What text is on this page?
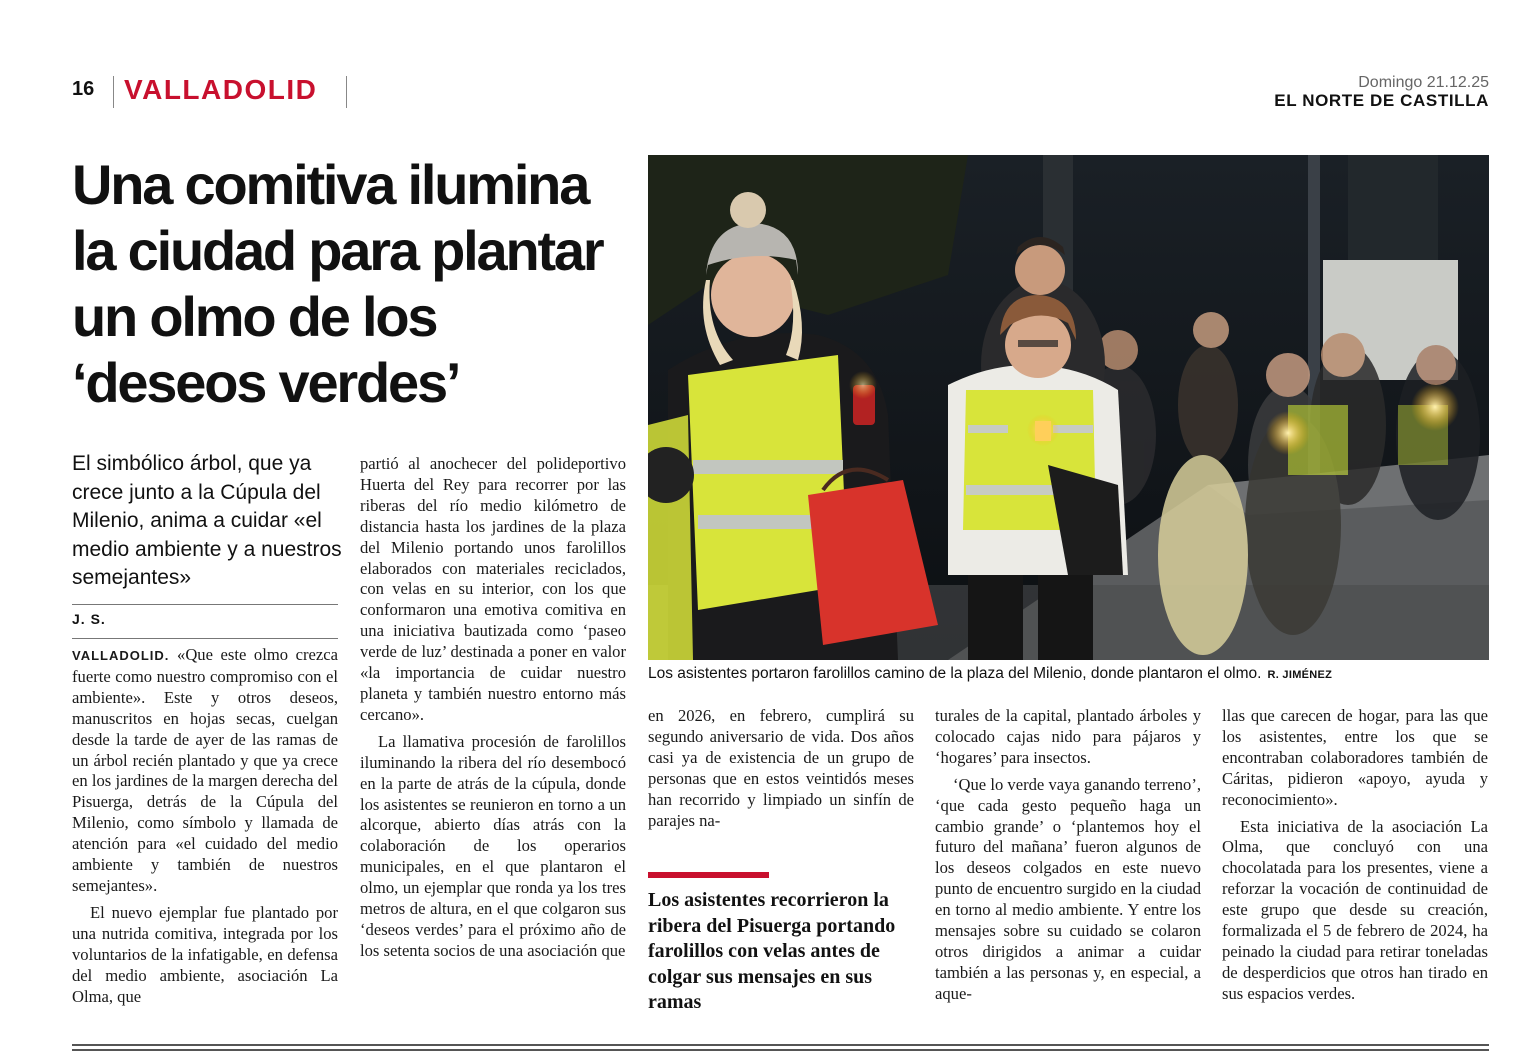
16 VALLADOLID	Domingo 21.12.25
EL NORTE DE CASTILLA
Una comitiva ilumina la ciudad para plantar un olmo de los ‘deseos verdes’
El simbólico árbol, que ya crece junto a la Cúpula del Milenio, anima a cuidar «el medio ambiente y a nuestros semejantes»
J. S.

VALLADOLID. «Que este olmo crezca fuerte como nuestro compromiso con el ambiente». Este y otros deseos, manuscritos en hojas secas, cuelgan desde la tarde de ayer de las ramas de un árbol recién plantado y que ya crece en los jardines de la margen derecha del Pisuerga, detrás de la Cúpula del Milenio, como símbolo y llamada de atención para «el cuidado del medio ambiente y también de nuestros semejantes».

El nuevo ejemplar fue plantado por una nutrida comitiva, integrada por los voluntarios de la infatigable, en defensa del medio ambiente, asociación La Olma, que

partió al anochecer del polideportivo Huerta del Rey para recorrer por las riberas del río medio kilómetro de distancia hasta los jardines de la plaza del Milenio portando unos farolillos elaborados con materiales reciclados, con velas en su interior, con los que conformaron una emotiva comitiva en una iniciativa bautizada como ‘paseo verde de luz’ destinada a poner en valor «la importancia de cuidar nuestro planeta y también nuestro entorno más cercano».

La llamativa procesión de farolillos iluminando la ribera del río desembocó en la parte de atrás de la cúpula, donde los asistentes se reunieron en torno a un alcorque, abierto días atrás con la colaboración de los operarios municipales, en el que plantaron el olmo, un ejemplar que ronda ya los tres metros de altura, en el que colgaron sus ‘deseos verdes’ para el próximo año de los setenta socios de una asociación que

Los asistentes portaron farolillos camino de la plaza del Milenio, donde plantaron el olmo. R. JIMÉNEZ

en 2026, en febrero, cumplirá su segundo aniversario de vida. Dos años casi ya de existencia de un grupo de personas que en estos veintidós meses han recorrido y limpiado un sinfín de parajes na-

Los asistentes recorrieron la ribera del Pisuerga portando farolillos con velas antes de colgar sus mensajes en sus ramas

turales de la capital, plantado árboles y colocado cajas nido para pájaros y ‘hogares’ para insectos.

‘Que lo verde vaya ganando terreno’, ‘que cada gesto pequeño haga un cambio grande’ o ‘plantemos hoy el futuro del mañana’ fueron algunos de los deseos colgados en este nuevo punto de encuentro surgido en la ciudad en torno al medio ambiente. Y entre los mensajes sobre su cuidado se colaron otros dirigidos a animar a cuidar también a las personas y, en especial, a aque-

llas que carecen de hogar, para las que los asistentes, entre los que se encontraban colaboradores también de Cáritas, pidieron «apoyo, ayuda y reconocimiento».

Esta iniciativa de la asociación La Olma, que concluyó con una chocolatada para los presentes, viene a reforzar la vocación de continuidad de este grupo que desde su creación, formalizada el 5 de febrero de 2024, ha peinado la ciudad para retirar toneladas de desperdicios que otros han tirado en sus espacios verdes.
